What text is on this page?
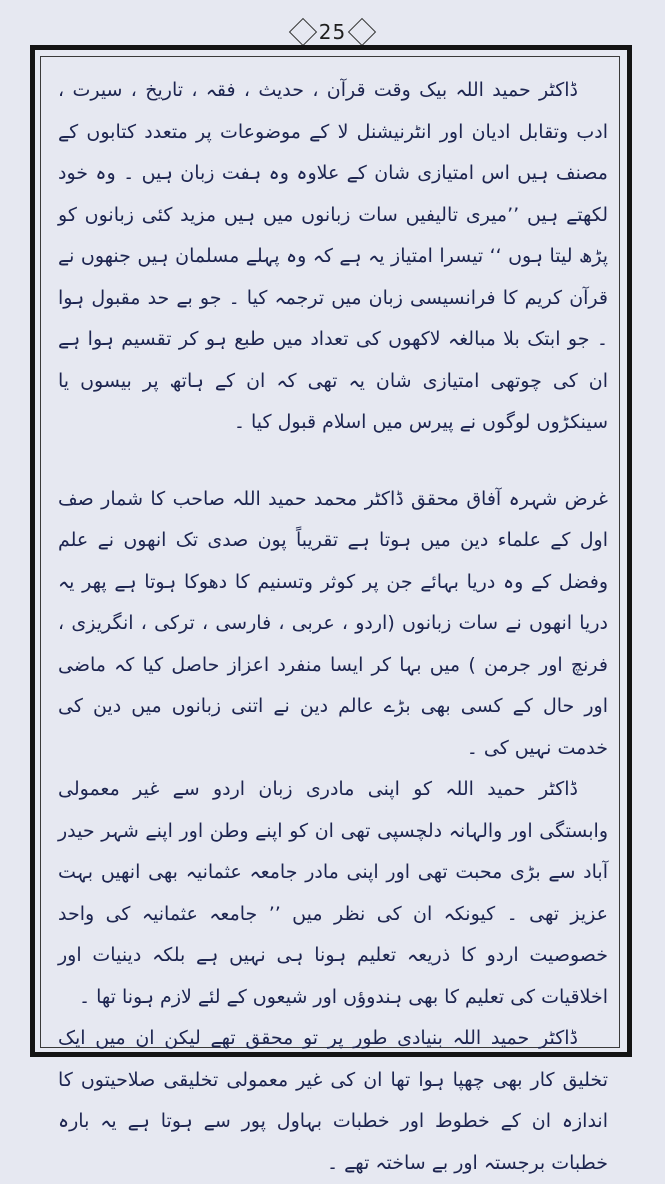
25

ڈاکٹر حمید اللہ بیک وقت قرآن ، حدیث ، فقہ ، تاریخ ، سیرت ، ادب وتقابل ادیان اور انٹرنیشنل لا کے موضوعات پر متعدد کتابوں کے مصنف ہیں اس امتیازی شان کے علاوہ وہ ہفت زبان ہیں ۔ وہ خود لکھتے ہیں ’’میری تالیفیں سات زبانوں میں ہیں مزید کئی زبانوں کو پڑھ لیتا ہوں ‘‘ تیسرا امتیاز یہ ہے کہ وہ پہلے مسلمان ہیں جنھوں نے قرآن کریم کا فرانسیسی زبان میں ترجمہ کیا ۔ جو بے حد مقبول ہوا ۔ جو ابتک بلا مبالغہ لاکھوں کی تعداد میں طبع ہو کر تقسیم ہوا ہے ان کی چوتھی امتیازی شان یہ تھی کہ ان کے ہاتھ پر بیسوں یا سینکڑوں لوگوں نے پیرس میں اسلام قبول کیا ۔

غرض شہرہ آفاق محقق ڈاکٹر محمد حمید اللہ صاحب کا شمار صف اول کے علماء دین میں ہوتا ہے تقریباً پون صدی تک انھوں نے علم وفضل کے وہ دریا بہائے جن پر کوثر وتسنیم کا دھوکا ہوتا ہے پھر یہ دریا انھوں نے سات زبانوں (اردو ، عربی ، فارسی ، ترکی ، انگریزی ، فرنچ اور جرمن ) میں بہا کر ایسا منفرد اعزاز حاصل کیا کہ ماضی اور حال کے کسی بھی بڑے عالم دین نے اتنی زبانوں میں دین کی خدمت نہیں کی ۔

ڈاکٹر حمید اللہ کو اپنی مادری زبان اردو سے غیر معمولی وابستگی اور والہانہ دلچسپی تھی ان کو اپنے وطن اور اپنے شہر حیدر آباد سے بڑی محبت تھی اور اپنی مادر جامعہ عثمانیہ بھی انھیں بہت عزیز تھی ۔ کیونکہ ان کی نظر میں ’’ جامعہ عثمانیہ کی واحد خصوصیت اردو کا ذریعہ تعلیم ہونا ہی نہیں ہے بلکہ دینیات اور اخلاقیات کی تعلیم کا بھی ہندوؤں اور شیعوں کے لئے لازم ہونا تھا ۔

ڈاکٹر حمید اللہ بنیادی طور پر تو محقق تھے لیکن ان میں ایک تخلیق کار بھی چھپا ہوا تھا ان کی غیر معمولی تخلیقی صلاحیتوں کا اندازہ ان کے خطوط اور خطبات بہاول پور سے ہوتا ہے یہ بارہ خطبات برجستہ اور بے ساختہ تھے ۔
